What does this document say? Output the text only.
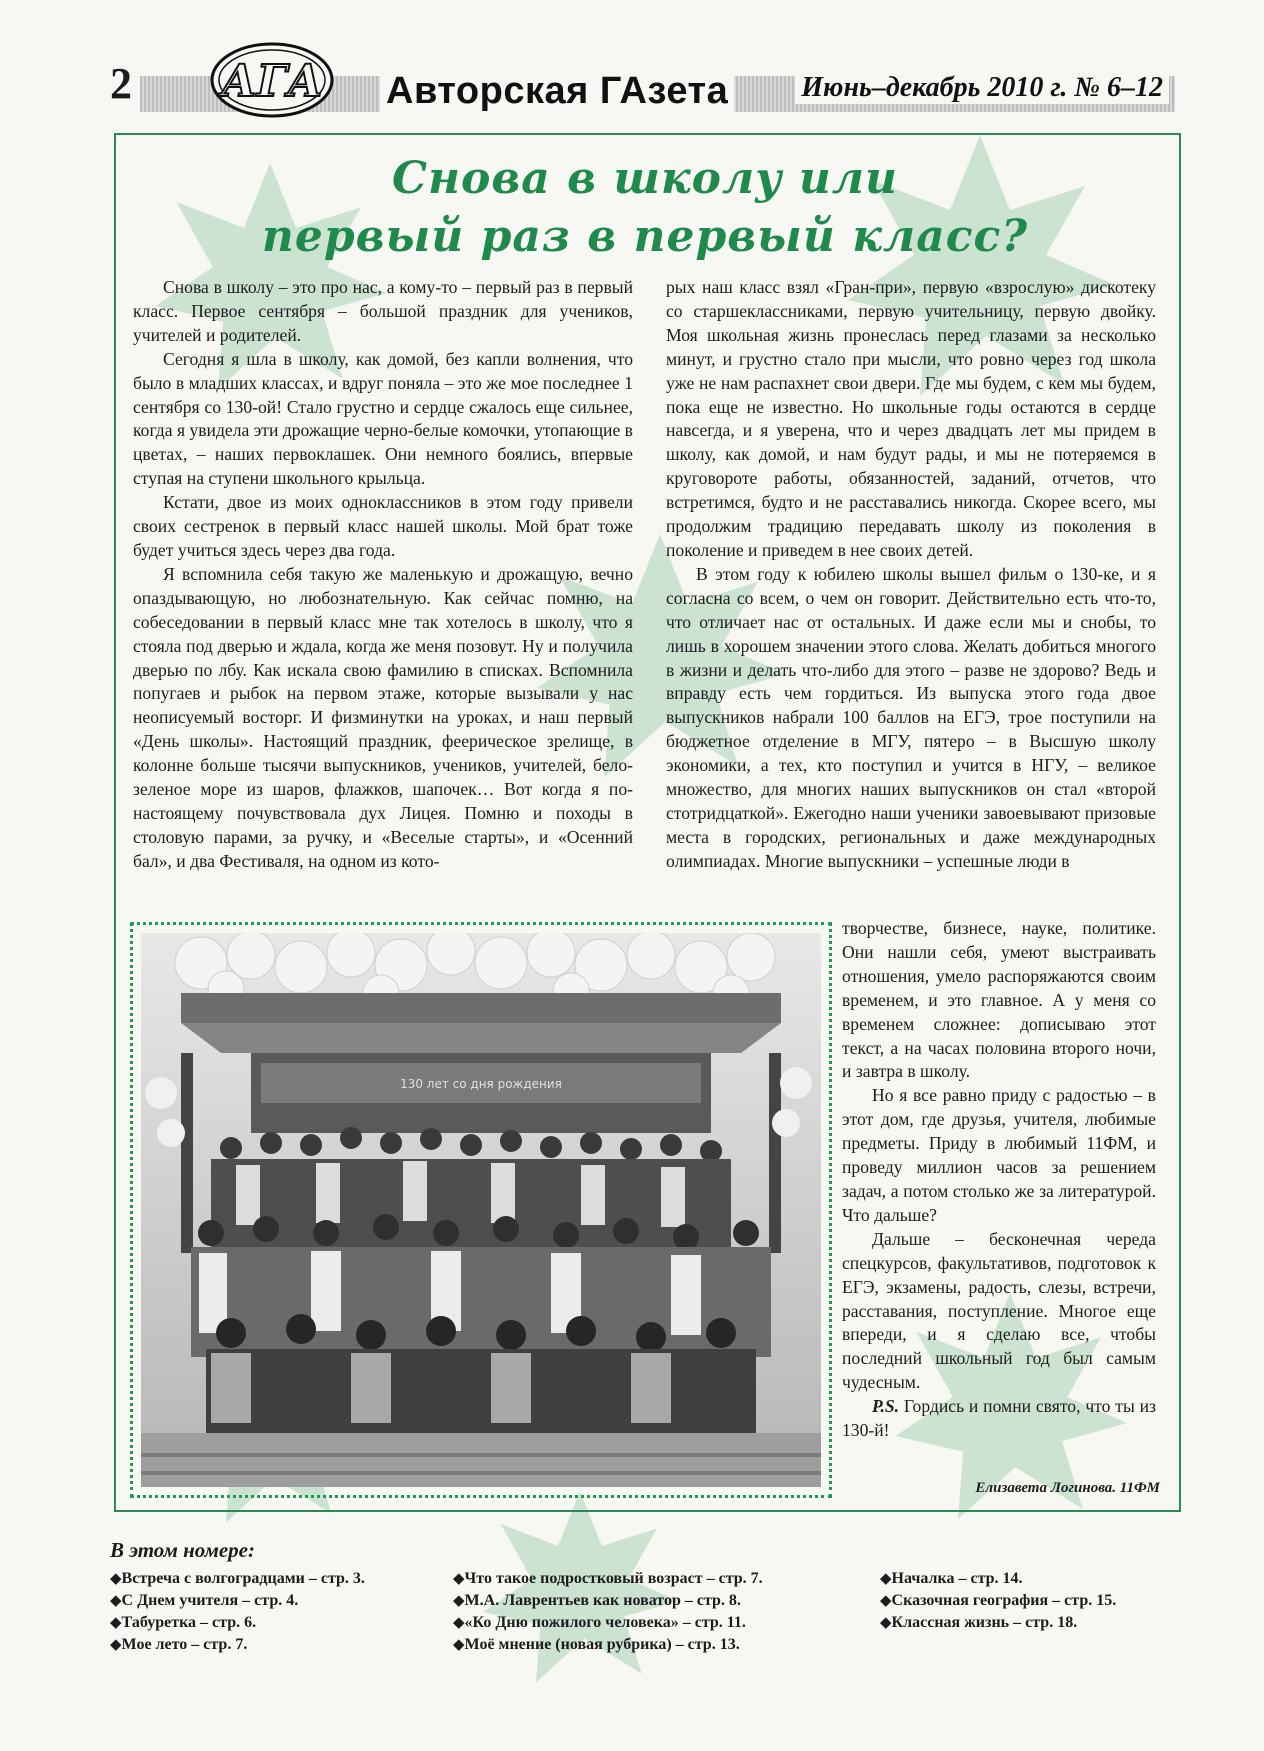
2 АГА Авторская ГАзета	Июнь–декабрь 2010 г. № 6–12
Снова в школу или
первый раз в первый класс?

Снова в школу – это про нас, а кому-то – первый раз в первый класс. Первое сентября – большой праздник для учеников, учителей и родителей.

Сегодня я шла в школу, как домой, без капли волнения, что было в младших классах, и вдруг поняла – это же мое последнее 1 сентября со 130-ой! Стало грустно и сердце сжалось еще сильнее, когда я увидела эти дрожащие черно-белые комочки, утопающие в цветах, – наших первоклашек. Они немного боялись, впервые ступая на ступени школьного крыльца.

Кстати, двое из моих одноклассников в этом году привели своих сестренок в первый класс нашей школы. Мой брат тоже будет учиться здесь через два года.

Я вспомнила себя такую же маленькую и дрожащую, вечно опаздывающую, но любознательную. Как сейчас помню, на собеседовании в первый класс мне так хотелось в школу, что я стояла под дверью и ждала, когда же меня позовут. Ну и получила дверью по лбу. Как искала свою фамилию в списках. Вспомнила попугаев и рыбок на первом этаже, которые вызывали у нас неописуемый восторг. И физминутки на уроках, и наш первый «День школы». Настоящий праздник, феерическое зрелище, в колонне больше тысячи выпускников, учеников, учителей, бело-зеленое море из шаров, флажков, шапочек… Вот когда я по-настоящему почувствовала дух Лицея. Помню и походы в столовую парами, за ручку, и «Веселые старты», и «Осенний бал», и два Фестиваля, на одном из кото-

рых наш класс взял «Гран-при», первую «взрослую» дискотеку со старшеклассниками, первую учительницу, первую двойку. Моя школьная жизнь пронеслась перед глазами за несколько минут, и грустно стало при мысли, что ровно через год школа уже не нам распахнет свои двери. Где мы будем, с кем мы будем, пока еще не известно. Но школьные годы остаются в сердце навсегда, и я уверена, что и через двадцать лет мы придем в школу, как домой, и нам будут рады, и мы не потеряемся в круговороте работы, обязанностей, заданий, отчетов, что встретимся, будто и не расставались никогда. Скорее всего, мы продолжим традицию передавать школу из поколения в поколение и приведем в нее своих детей.

В этом году к юбилею школы вышел фильм о 130-ке, и я согласна со всем, о чем он говорит. Действительно есть что-то, что отличает нас от остальных. И даже если мы и снобы, то лишь в хорошем значении этого слова. Желать добиться многого в жизни и делать что-либо для этого – разве не здорово? Ведь и вправду есть чем гордиться. Из выпуска этого года двое выпускников набрали 100 баллов на ЕГЭ, трое поступили на бюджетное отделение в МГУ, пятеро – в Высшую школу экономики, а тех, кто поступил и учится в НГУ, – великое множество, для многих наших выпускников он стал «второй стотридцаткой». Ежегодно наши ученики завоевывают призовые места в городских, региональных и даже международных олимпиадах. Многие выпускники – успешные люди в

130 лет со дня рождения

творчестве, бизнесе, науке, политике. Они нашли себя, умеют выстраивать отношения, умело распоряжаются своим временем, и это главное. А у меня со временем сложнее: дописываю этот текст, а на часах половина второго ночи, и завтра в школу.

Но я все равно приду с радостью – в этот дом, где друзья, учителя, любимые предметы. Приду в любимый 11ФМ, и проведу миллион часов за решением задач, а потом столько же за литературой. Что дальше?

Дальше – бесконечная череда спецкурсов, факультативов, подготовок к ЕГЭ, экзамены, радость, слезы, встречи, расставания, поступление. Многое еще впереди, и я сделаю все, чтобы последний школьный год был самым чудесным.

P.S. Гордись и помни свято, что ты из 130-й!

Елизавета Логинова. 11ФМ
В этом номере:
◆Встреча с волгоградцами – стр. 3.
◆С Днем учителя – стр. 4.
◆Табуретка – стр. 6.
◆Мое лето – стр. 7.
◆Что такое подростковый возраст – стр. 7.
◆М.А. Лаврентьев как новатор – стр. 8.
◆«Ко Дню пожилого человека» – стр. 11.
◆Моё мнение (новая рубрика) – стр. 13.
◆Началка – стр. 14.
◆Сказочная география – стр. 15.
◆Классная жизнь – стр. 18.
